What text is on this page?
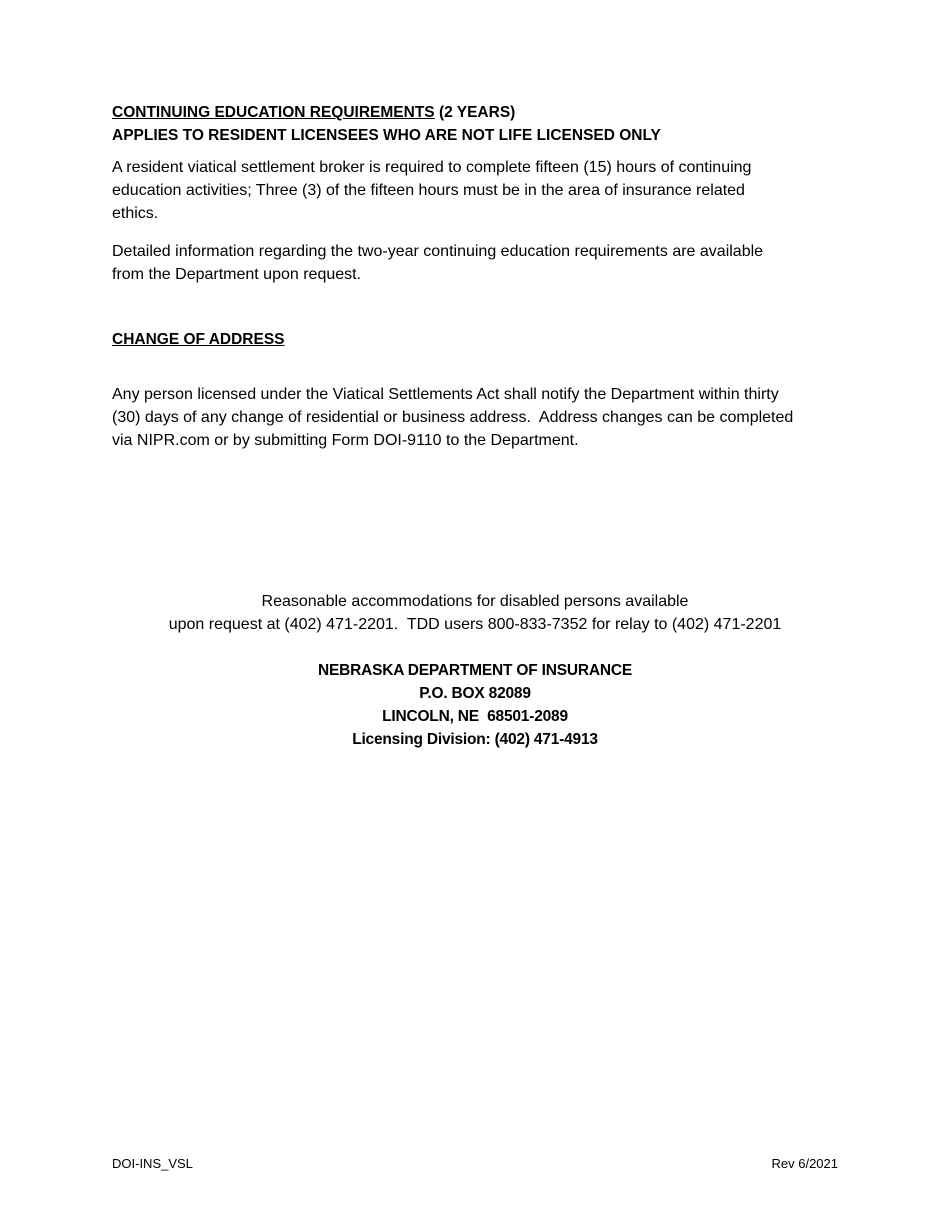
CONTINUING EDUCATION REQUIREMENTS (2 YEARS)

APPLIES TO RESIDENT LICENSEES WHO ARE NOT LIFE LICENSED ONLY

A resident viatical settlement broker is required to complete fifteen (15) hours of continuing
education activities; Three (3) of the fifteen hours must be in the area of insurance related
ethics.

Detailed information regarding the two-year continuing education requirements are available
from the Department upon request.

CHANGE OF ADDRESS

Any person licensed under the Viatical Settlements Act shall notify the Department within thirty
(30) days of any change of residential or business address.  Address changes can be completed
via NIPR.com or by submitting Form DOI-9110 to the Department.

Reasonable accommodations for disabled persons available
upon request at (402) 471-2201.  TDD users 800-833-7352 for relay to (402) 471-2201

NEBRASKA DEPARTMENT OF INSURANCE
P.O. BOX 82089
LINCOLN, NE  68501-2089
Licensing Division: (402) 471-4913
DOI-INS_VSL	Rev 6/2021
